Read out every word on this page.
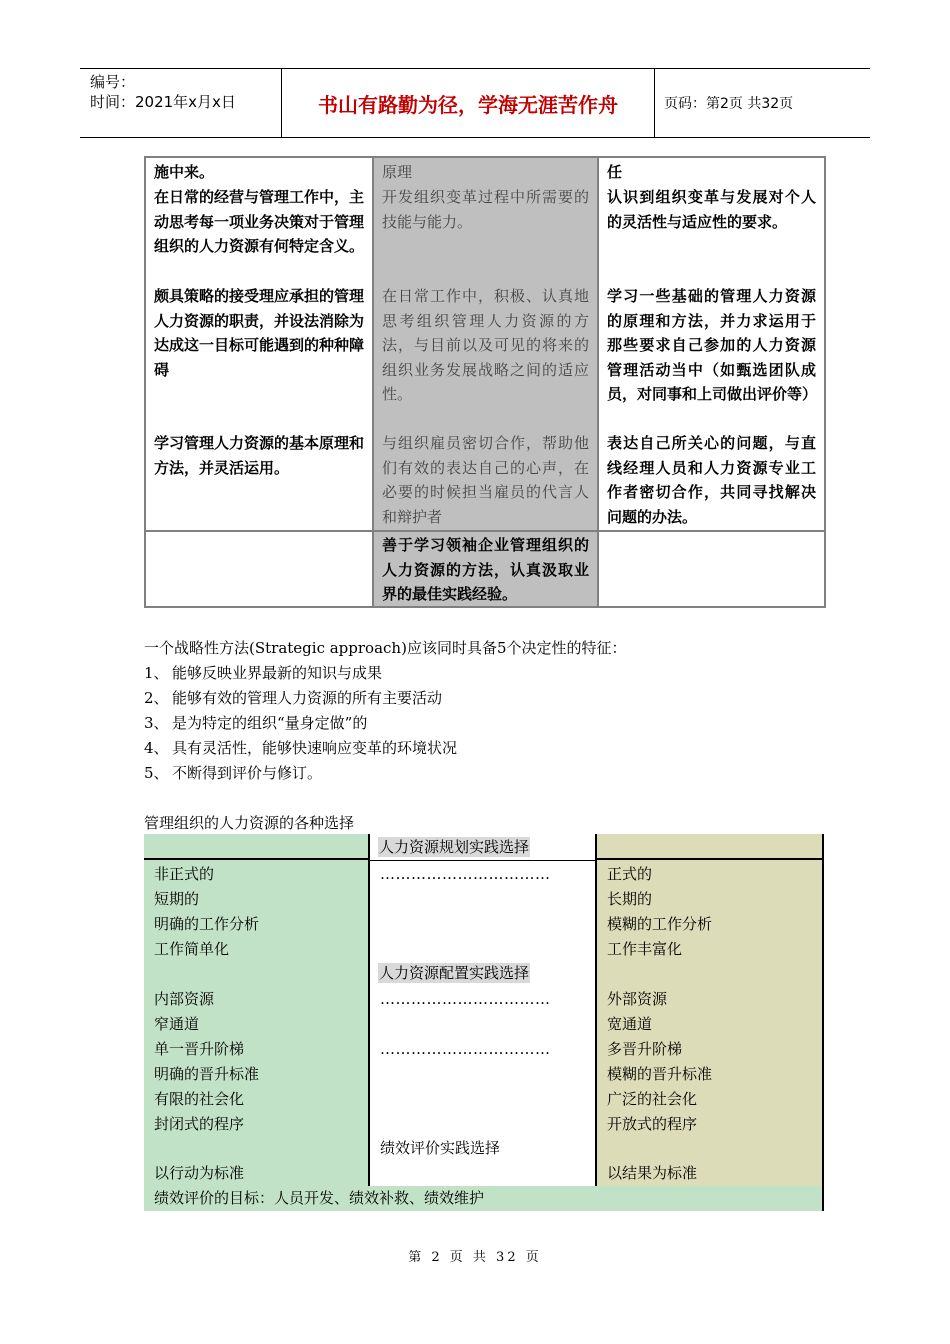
编号：
时间：2021年x月x日	书山有路勤为径，学海无涯苦作舟	页码：第2页 共32页
施中来。
在日常的经营与管理工作中，主动思考每一项业务决策对于管理组织的人力资源有何特定含义。
颇具策略的接受理应承担的管理人力资源的职责，并设法消除为达成这一目标可能遇到的种种障碍
学习管理人力资源的基本原理和方法，并灵活运用。
原理
开发组织变革过程中所需要的技能与能力。
在日常工作中，积极、认真地思考组织管理人力资源的方法，与目前以及可见的将来的组织业务发展战略之间的适应性。
与组织雇员密切合作，帮助他们有效的表达自己的心声，在必要的时候担当雇员的代言人和辩护者
善于学习领袖企业管理组织的人力资源的方法，认真汲取业界的最佳实践经验。
任
认识到组织变革与发展对个人的灵活性与适应性的要求。
学习一些基础的管理人力资源的原理和方法，并力求运用于那些要求自己参加的人力资源管理活动当中（如甄选团队成员，对同事和上司做出评价等）
表达自己所关心的问题，与直线经理人员和人力资源专业工作者密切合作，共同寻找解决问题的办法。
一个战略性方法(Strategic approach)应该同时具备5个决定性的特征：
1、 能够反映业界最新的知识与成果
2、 能够有效的管理人力资源的所有主要活动
3、 是为特定的组织“量身定做”的
4、 具有灵活性，能够快速响应变革的环境状况
5、 不断得到评价与修订。
管理组织的人力资源的各种选择
人力资源规划实践选择
……………………………
人力资源配置实践选择
……………………………
……………………………
绩效评价实践选择
非正式的
短期的
明确的工作分析
工作简单化
内部资源
窄通道
单一晋升阶梯
明确的晋升标准
有限的社会化
封闭式的程序
以行动为标准
正式的
长期的
模糊的工作分析
工作丰富化
外部资源
宽通道
多晋升阶梯
模糊的晋升标准
广泛的社会化
开放式的程序
以结果为标准
绩效评价的目标：人员开发、绩效补救、绩效维护
第 2 页 共 32 页
